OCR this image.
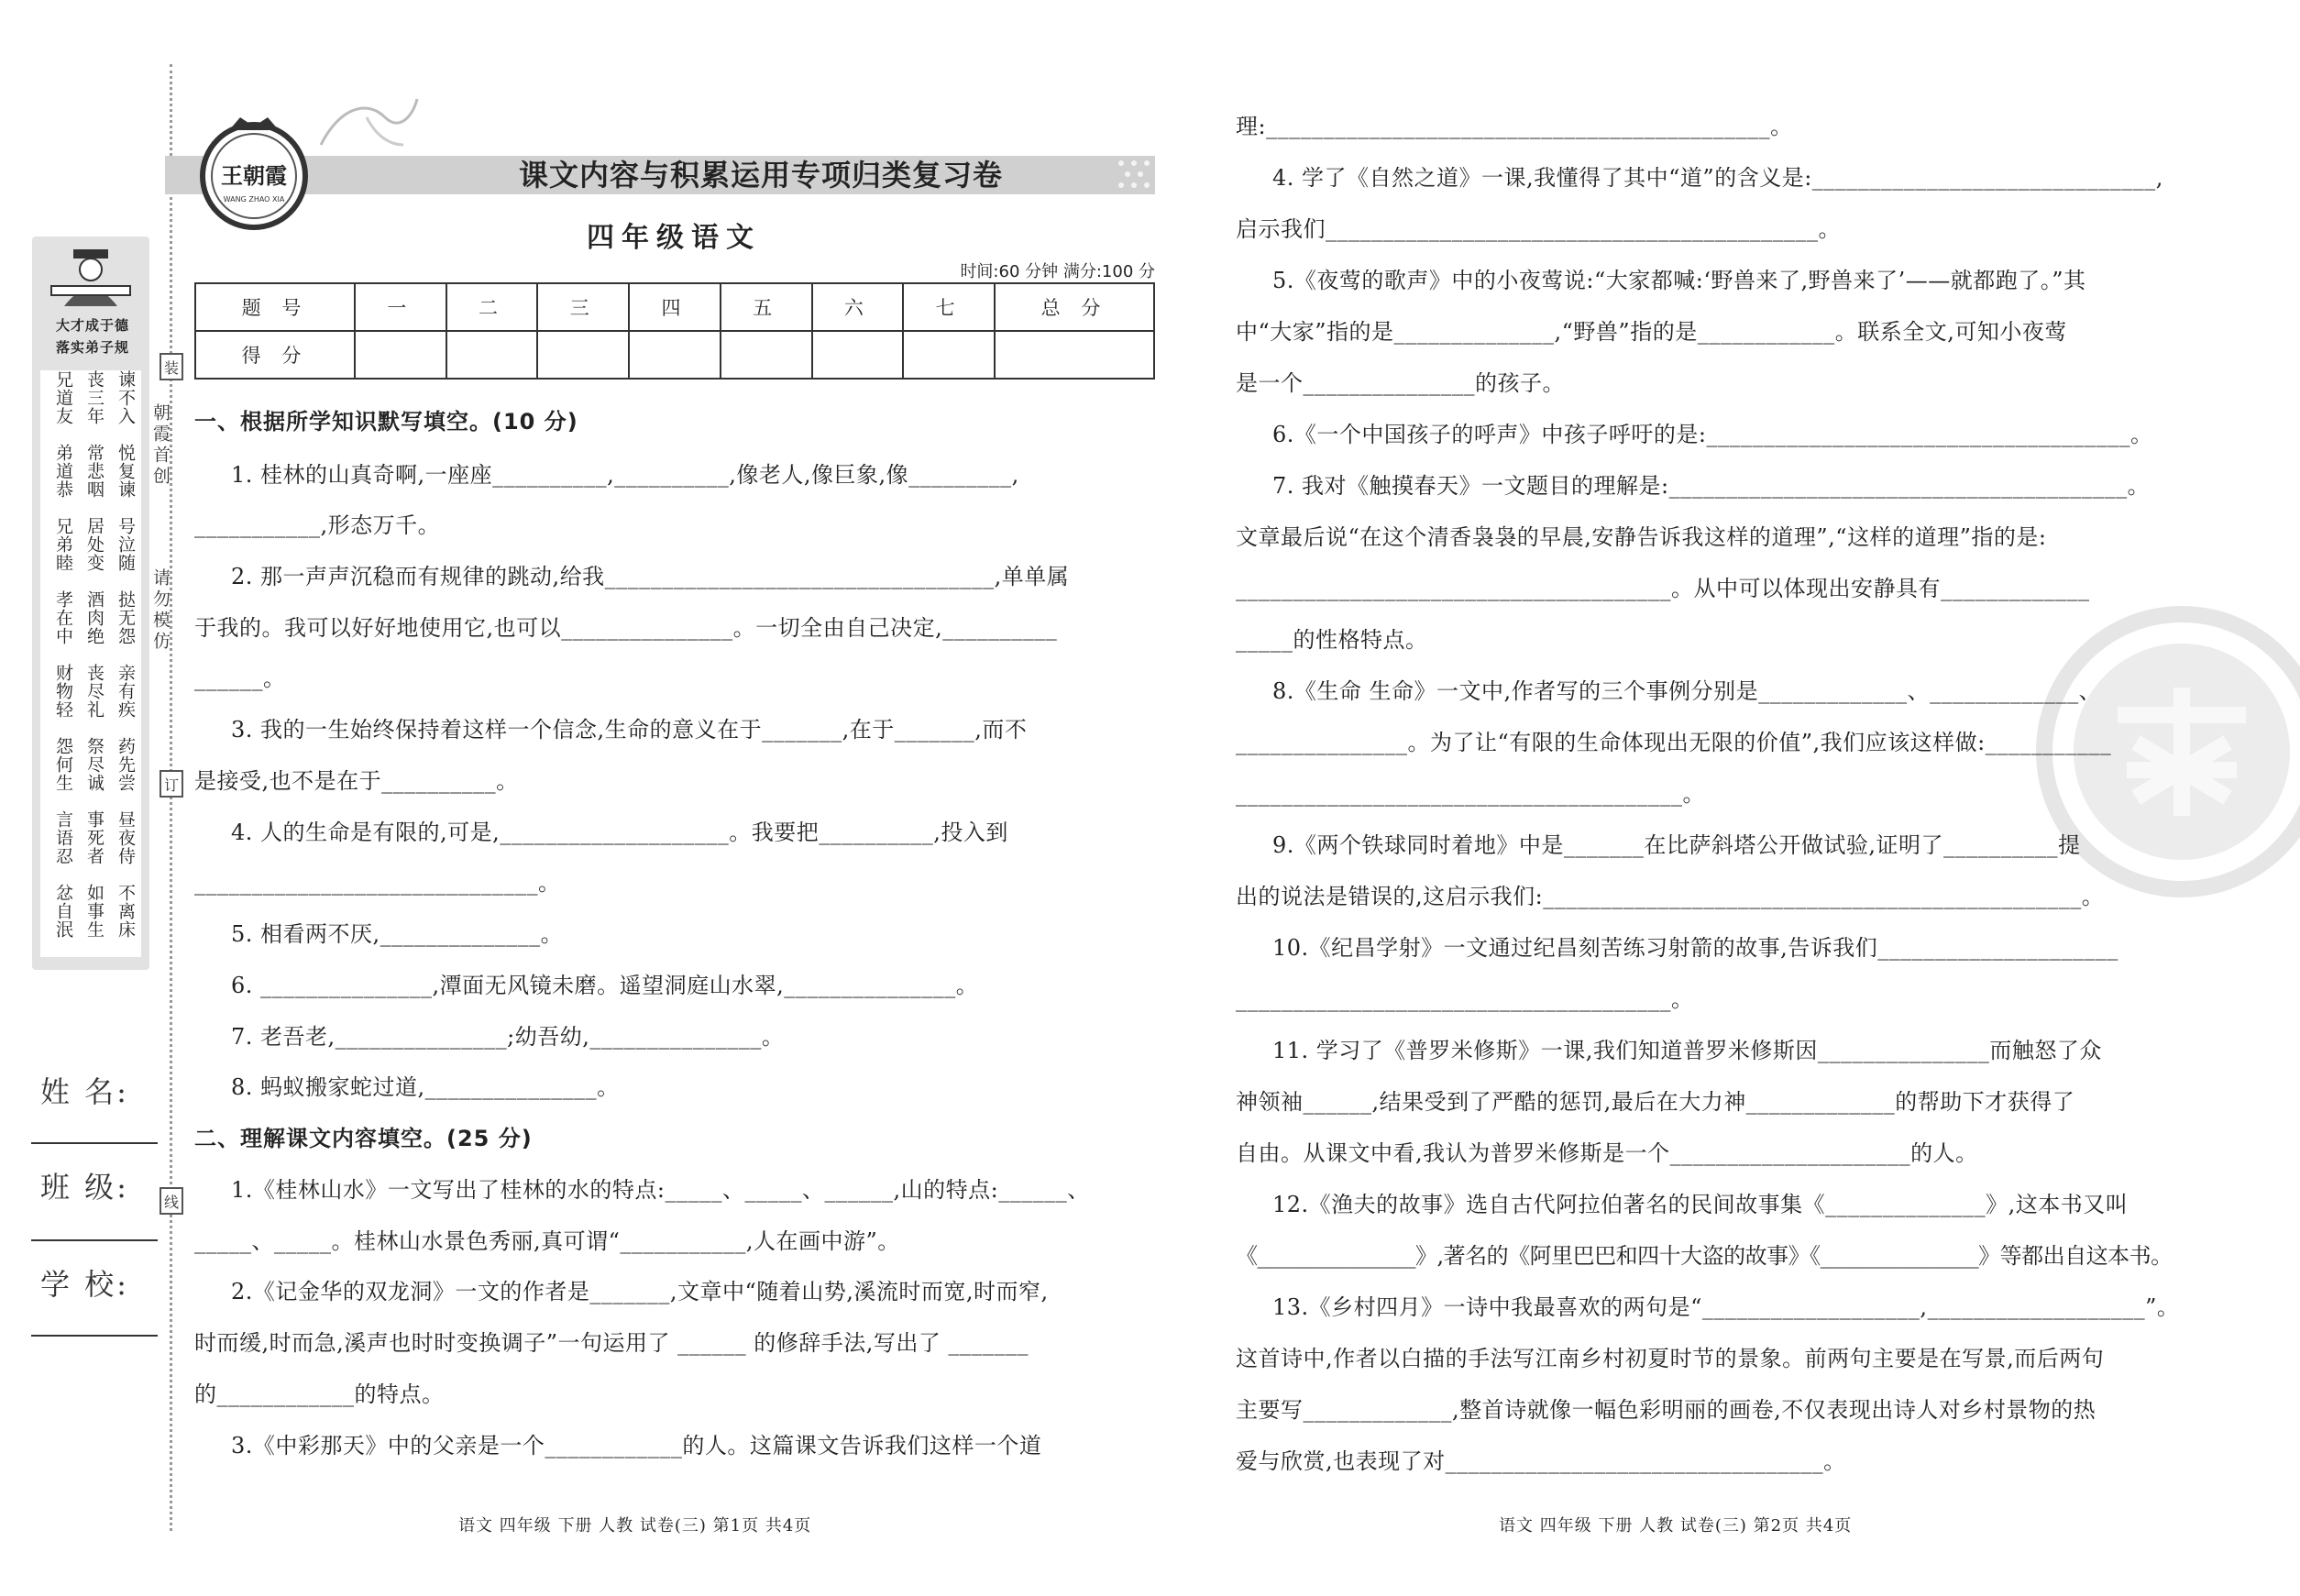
装
朝霞首创
请勿模仿
订
线
大才成于德
落实弟子规
谏不入
丧三年
兄道友
悦复谏
常悲咽
弟道恭
号泣随
居处变
兄弟睦
挞无怨
酒肉绝
孝在中
亲有疾
丧尽礼
财物轻
药先尝
祭尽诚
怨何生
昼夜侍
事死者
言语忍
不离床
如事生
忿自泯
姓 名:
班 级:
学 校:
王朝霞
WANG ZHAO XIA
课文内容与积累运用专项归类复习卷
四年级语文
时间:60 分钟 满分:100 分
题 号	一	二	三	四	五	六	七	总 分
得 分								
一、根据所学知识默写填空。(10 分)
1. 桂林的山真奇啊,一座座__________,__________,像老人,像巨象,像_________,
___________,形态万千。
2. 那一声声沉稳而有规律的跳动,给我__________________________________,单单属
于我的。我可以好好地使用它,也可以_______________。一切全由自己决定,__________
______。
3. 我的一生始终保持着这样一个信念,生命的意义在于_______,在于_______,而不
是接受,也不是在于__________。
4. 人的生命是有限的,可是,____________________。我要把__________,投入到
______________________________。
5. 相看两不厌,______________。
6. _______________,潭面无风镜未磨。遥望洞庭山水翠,_______________。
7. 老吾老,_______________;幼吾幼,_______________。
8. 蚂蚁搬家蛇过道,_______________。
二、理解课文内容填空。(25 分)
1.《桂林山水》一文写出了桂林的水的特点:_____、_____、______,山的特点:______、
_____、_____。桂林山水景色秀丽,真可谓“___________,人在画中游”。
2.《记金华的双龙洞》一文的作者是_______,文章中“随着山势,溪流时而宽,时而窄,
时而缓,时而急,溪声也时时变换调子”一句运用了 ______ 的修辞手法,写出了 _______
的____________的特点。
3.《中彩那天》中的父亲是一个____________的人。这篇课文告诉我们这样一个道
语文 四年级 下册 人教 试卷(三) 第1页 共4页
理:____________________________________________。
4. 学了《自然之道》一课,我懂得了其中“道”的含义是:______________________________,
启示我们___________________________________________。
5.《夜莺的歌声》中的小夜莺说:“大家都喊:‘野兽来了,野兽来了’——就都跑了。”其
中“大家”指的是______________,“野兽”指的是____________。联系全文,可知小夜莺
是一个_______________的孩子。
6.《一个中国孩子的呼声》中孩子呼吁的是:_____________________________________。
7. 我对《触摸春天》一文题目的理解是:________________________________________。
文章最后说“在这个清香袅袅的早晨,安静告诉我这样的道理”,“这样的道理”指的是:
______________________________________。从中可以体现出安静具有_____________
_____的性格特点。
8.《生命 生命》一文中,作者写的三个事例分别是_____________、_____________、
_______________。为了让“有限的生命体现出无限的价值”,我们应该这样做:___________
_______________________________________。
9.《两个铁球同时着地》中是_______在比萨斜塔公开做试验,证明了__________提
出的说法是错误的,这启示我们:_______________________________________________。
10.《纪昌学射》一文通过纪昌刻苦练习射箭的故事,告诉我们_____________________
______________________________________。
11. 学习了《普罗米修斯》一课,我们知道普罗米修斯因_______________而触怒了众
神领袖______,结果受到了严酷的惩罚,最后在大力神_____________的帮助下才获得了
自由。从课文中看,我认为普罗米修斯是一个_____________________的人。
12.《渔夫的故事》选自古代阿拉伯著名的民间故事集《______________》,这本书又叫
《_______________》,著名的《阿里巴巴和四十大盗的故事》《_______________》等都出自这本书。
13.《乡村四月》一诗中我最喜欢的两句是“___________________,___________________”。
这首诗中,作者以白描的手法写江南乡村初夏时节的景象。前两句主要是在写景,而后两句
主要写_____________,整首诗就像一幅色彩明丽的画卷,不仅表现出诗人对乡村景物的热
爱与欣赏,也表现了对_________________________________。
语文 四年级 下册 人教 试卷(三) 第2页 共4页
